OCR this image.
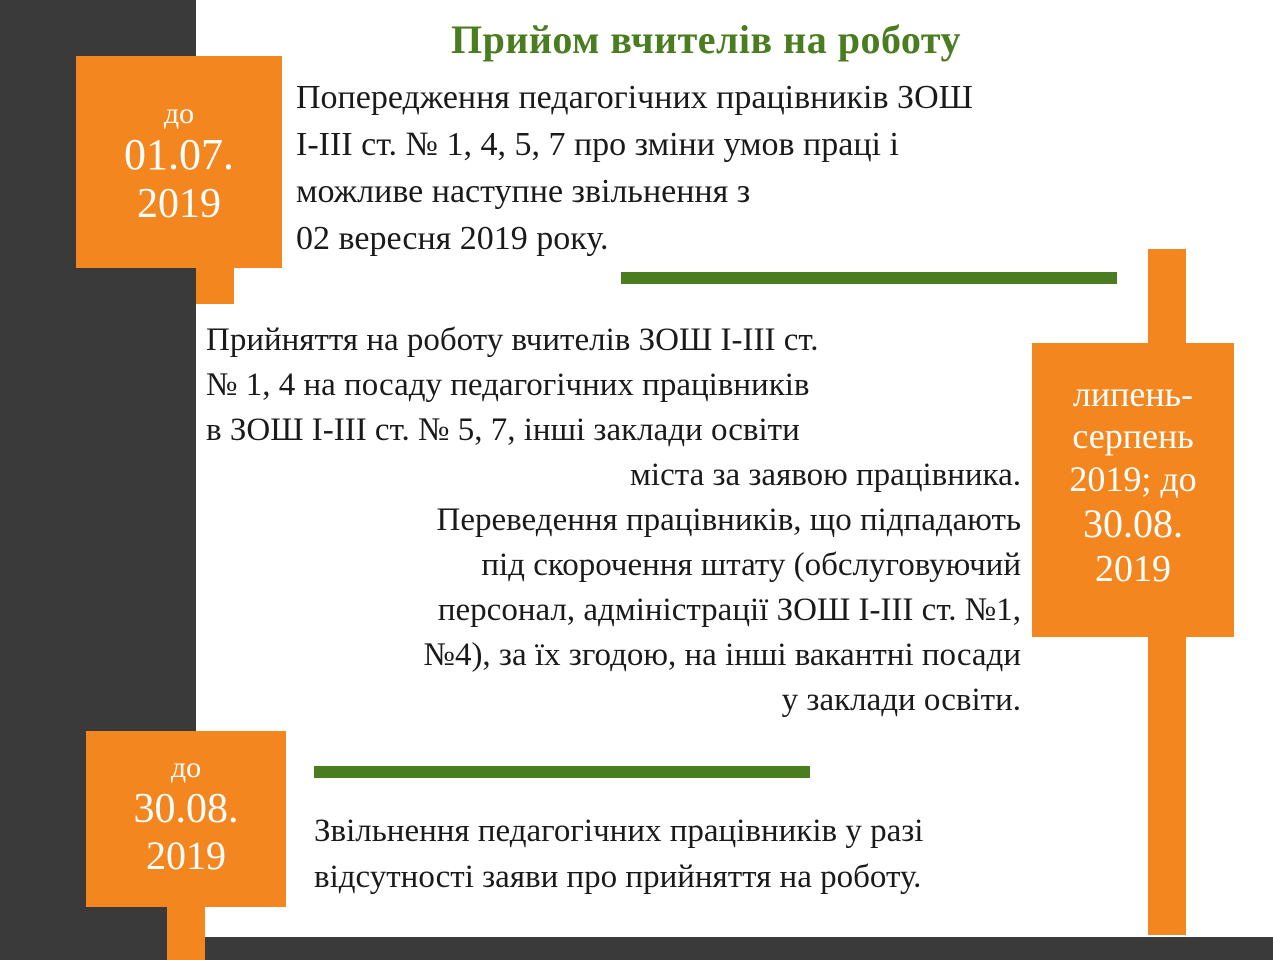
Прийом вчителів на роботу
до
01.07.
2019
Попередження педагогічних працівників ЗОШ
I-III ст. № 1, 4, 5, 7 про зміни умов праці і
можливе наступне звільнення з
02 вересня 2019 року.
липень-
серпень
2019; до
30.08.
2019
Прийняття на роботу вчителів ЗОШ I-III ст.
№ 1, 4 на посаду педагогічних працівників
в ЗОШ I-III ст. № 5, 7, інші заклади освіти
міста за заявою працівника.
Переведення працівників, що підпадають
під скорочення штату (обслуговуючий
персонал, адміністрації ЗОШ I-III ст. №1,
№4), за їх згодою, на інші вакантні посади
у заклади освіти.
до
30.08.
2019
Звільнення педагогічних працівників у разі
відсутності заяви про прийняття на роботу.
